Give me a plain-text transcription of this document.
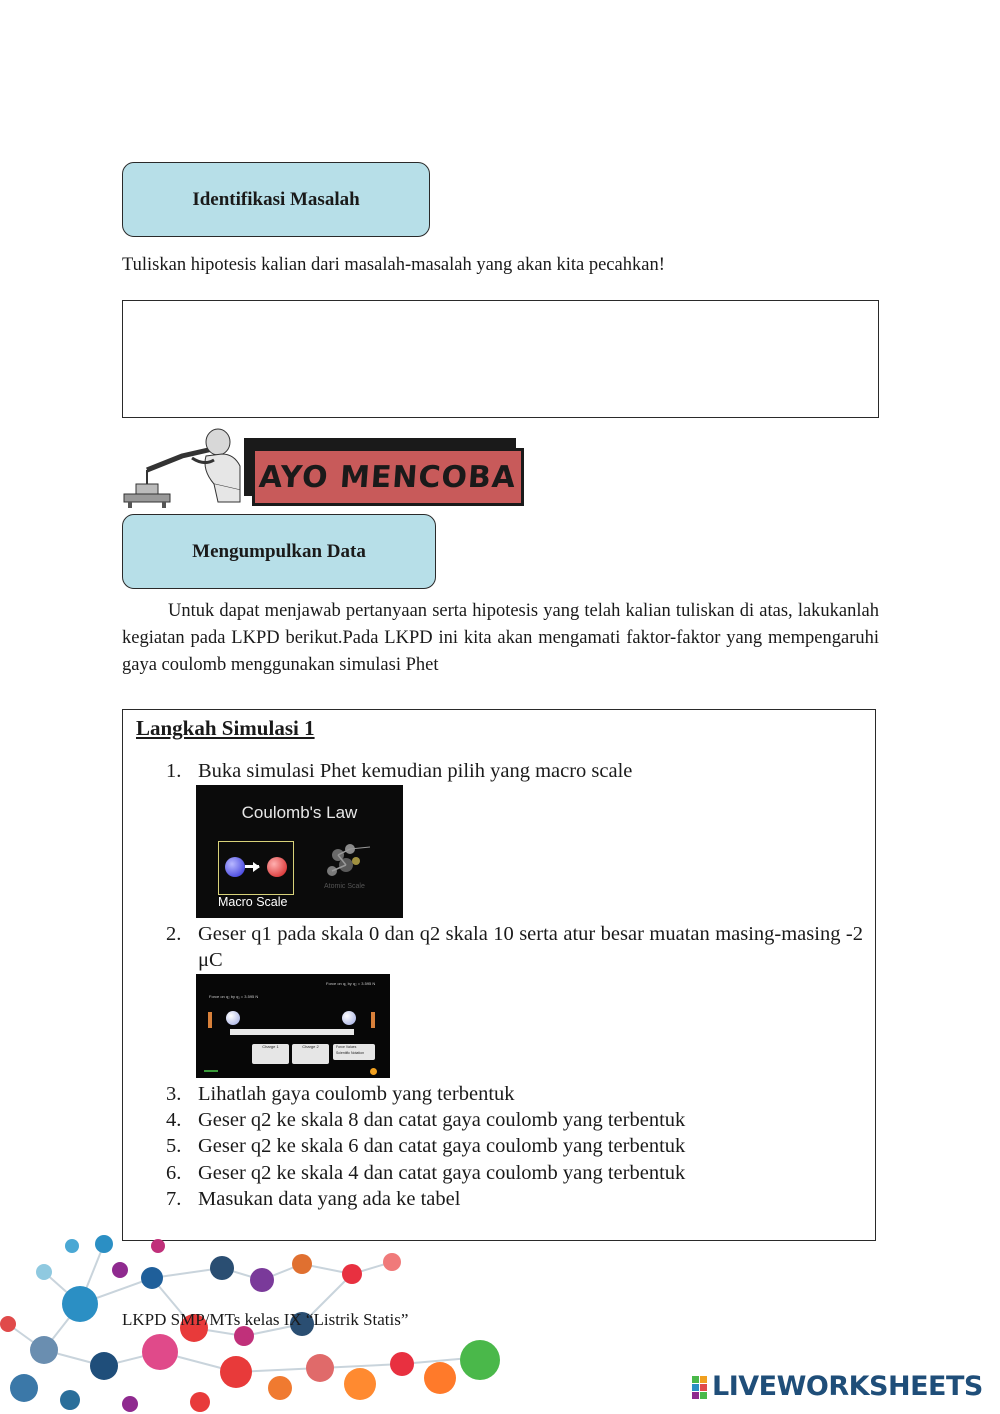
Identifikasi Masalah
Tuliskan hipotesis kalian dari masalah-masalah yang akan kita pecahkan!
AYO MENCOBA
Mengumpulkan Data
Untuk dapat menjawab pertanyaan serta hipotesis yang telah kalian tuliskan di atas, lakukanlah kegiatan pada LKPD berikut.Pada LKPD ini kita akan mengamati faktor-faktor yang mempengaruhi gaya coulomb menggunakan simulasi Phet
Langkah Simulasi 1
1. Buka simulasi Phet kemudian pilih yang macro scale
Coulomb's Law
Macro Scale
Atomic Scale
2. Geser q1 pada skala 0 dan q2 skala 10 serta atur besar muatan masing-masing -2 μC
Force on q₂ by q₁ = 3.595 N
Force on q₁ by q₂ = 3.595 N
Charge 1	Charge 2	Force Values
Scientific Notation
3. Lihatlah gaya coulomb yang terbentuk
4. Geser q2 ke skala 8 dan catat gaya coulomb yang terbentuk
5. Geser q2 ke skala 6 dan catat gaya coulomb yang terbentuk
6. Geser q2 ke skala 4 dan catat gaya coulomb yang terbentuk
7. Masukan data yang ada ke tabel
LKPD SMP/MTs kelas IX “Listrik Statis”
LIVEWORKSHEETS
